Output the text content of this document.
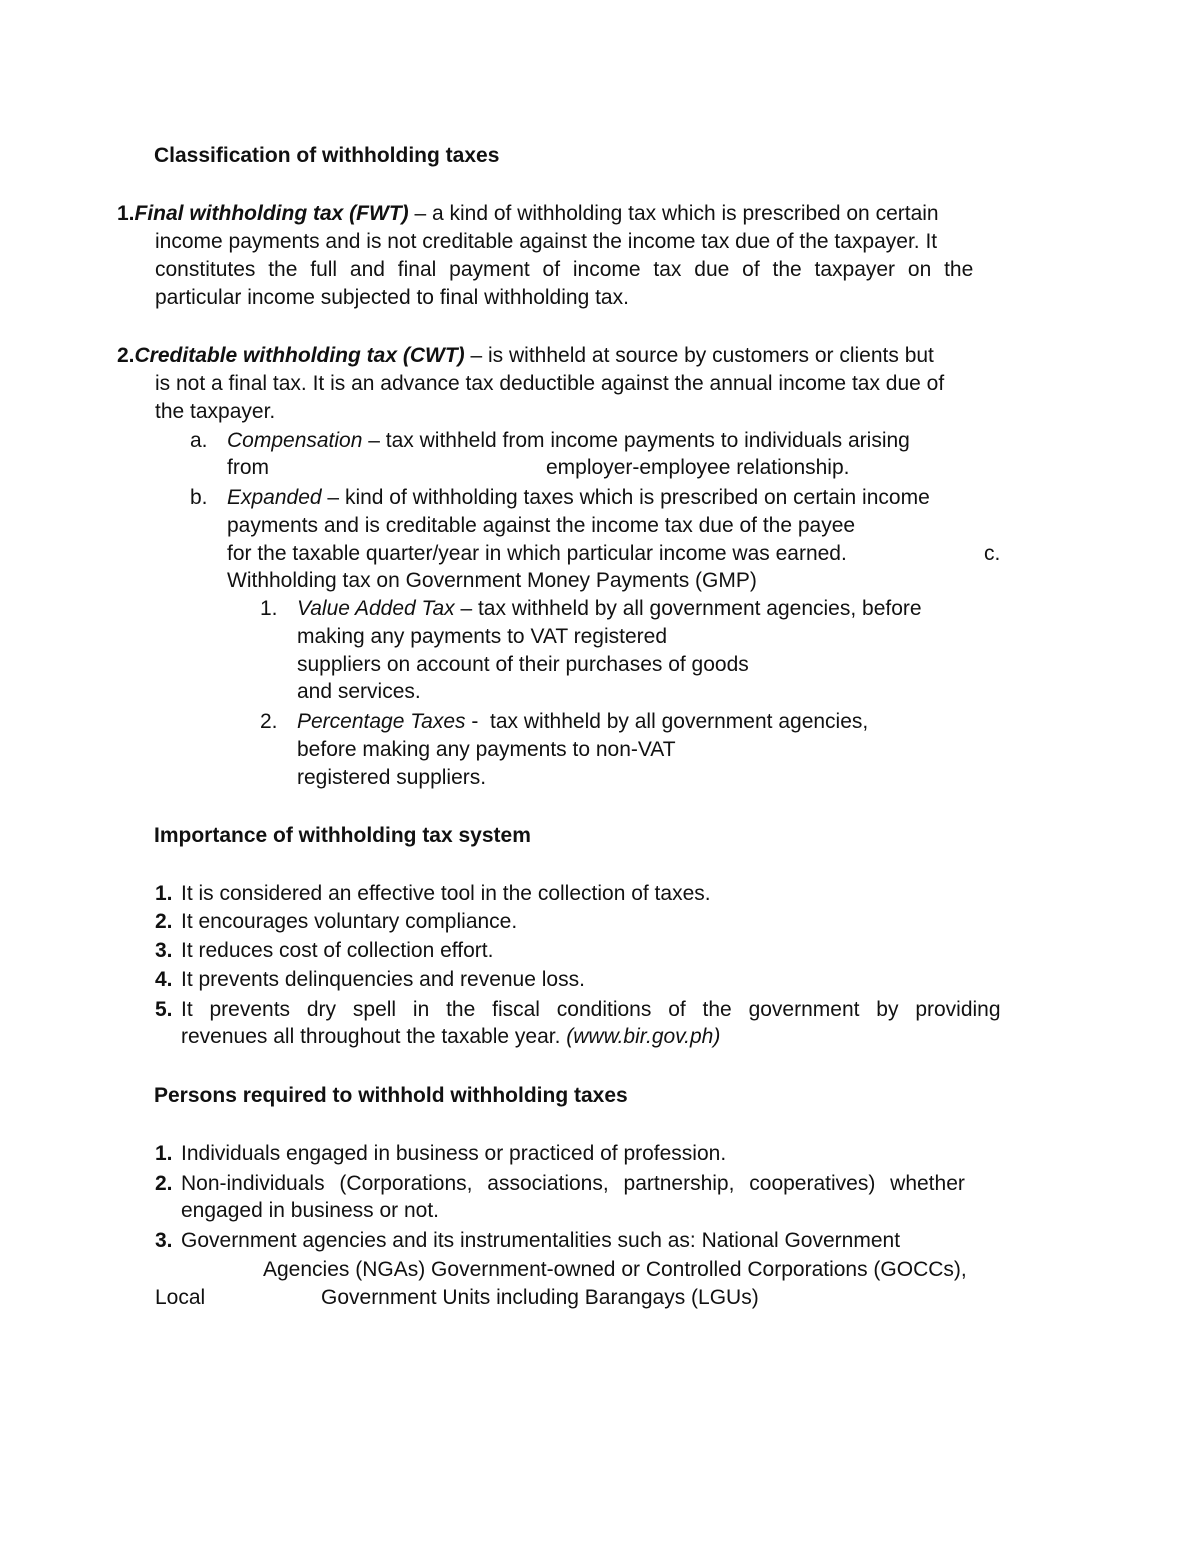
Classification of withholding taxes
1.Final withholding tax (FWT) – a kind of withholding tax which is prescribed on certain
income payments and is not creditable against the income tax due of the taxpayer. It
constitutes the full and final payment of income tax due of the taxpayer on the
particular income subjected to final withholding tax.
2.Creditable withholding tax (CWT) – is withheld at source by customers or clients but
is not a final tax. It is an advance tax deductible against the annual income tax due of
the taxpayer.
a. Compensation – tax withheld from income payments to individuals arising
from	employer-employee relationship.
b. Expanded – kind of withholding taxes which is prescribed on certain income
payments and is creditable against the income tax due of the payee
for the taxable quarter/year in which particular income was earned.	c.
Withholding tax on Government Money Payments (GMP)
1. Value Added Tax – tax withheld by all government agencies, before
making any payments to VAT registered
suppliers on account of their purchases of goods
and services.
2. Percentage Taxes -  tax withheld by all government agencies,
before making any payments to non-VAT
registered suppliers.
Importance of withholding tax system
1. It is considered an effective tool in the collection of taxes.
2. It encourages voluntary compliance.
3. It reduces cost of collection effort.
4. It prevents delinquencies and revenue loss.
5. It prevents dry spell in the fiscal conditions of the government by providing
revenues all throughout the taxable year. (www.bir.gov.ph)
Persons required to withhold withholding taxes
1. Individuals engaged in business or practiced of profession.
2. Non-individuals (Corporations, associations, partnership, cooperatives) whether
engaged in business or not.
3. Government agencies and its instrumentalities such as: National Government
Agencies (NGAs) Government-owned or Controlled Corporations (GOCCs),
Local	Government Units including Barangays (LGUs)
